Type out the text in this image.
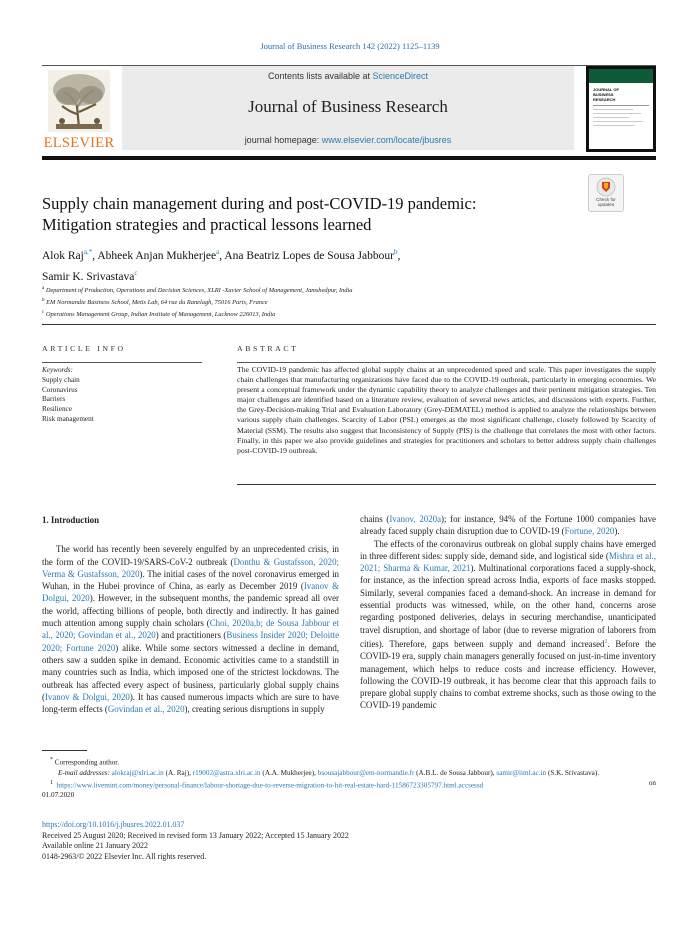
Journal of Business Research 142 (2022) 1125–1139
ELSEVIER
Contents lists available at ScienceDirect
Journal of Business Research
journal homepage: www.elsevier.com/locate/jbusres
JOURNAL OF BUSINESS RESEARCH
Check for updates
Supply chain management during and post-COVID-19 pandemic:
Mitigation strategies and practical lessons learned
Alok Raj$^{a,*}$, Abheek Anjan Mukherjee$^a$, Ana Beatriz Lopes de Sousa Jabbour$^b$,
Samir K. Srivastava$^c$
$^a$ Department of Production, Operations and Decision Sciences, XLRI -Xavier School of Management, Jamshedpur, India
$^b$ EM Normandie Business School, Metis Lab, 64 rue du Ranelagh, 75016 Paris, France
$^c$ Operations Management Group, Indian Institute of Management, Lucknow 226013, India
ARTICLE INFO
Keywords:
Supply chain
Coronavirus
Barriers
Resilience
Risk management
ABSTRACT
The COVID-19 pandemic has affected global supply chains at an unprecedented speed and scale. This paper investigates the supply chain challenges that manufacturing organizations have faced due to the COVID-19 outbreak, particularly in emerging economies. We present a conceptual framework under the dynamic capability theory to analyze challenges and their pertinent mitigation strategies. Ten major challenges are identified based on a literature review, evaluation of several news articles, and discussions with experts. Further, the Grey-Decision-making Trial and Evaluation Laboratory (Grey-DEMATEL) method is applied to analyze the relationships between various supply chain challenges. Scarcity of Labor (PSL) emerges as the most significant challenge, closely followed by Scarcity of Material (SSM). The results also suggest that Inconsistency of Supply (PIS) is the challenge that correlates the most with other factors. Finally, in this paper we also provide guidelines and strategies for practitioners and scholars to better address supply chain challenges post-COVID-19 outbreak.
1. Introduction

The world has recently been severely engulfed by an unprecedented crisis, in the form of the COVID-19/SARS-CoV-2 outbreak (Donthu & Gustafsson, 2020; Verma & Gustafsson, 2020). The initial cases of the novel coronavirus emerged in Wuhan, in the Hubei province of China, as early as December 2019 (Ivanov & Dolgui, 2020). However, in the subsequent months, the pandemic spread all over the world, affecting billions of people, both directly and indirectly. It has gained much attention among supply chain scholars (Choi, 2020a,b; de Sousa Jabbour et al., 2020; Govindan et al., 2020) and practitioners (Business Insider 2020; Deloitte 2020; Fortune 2020) alike. While some sectors witnessed a decline in demand, others saw a sudden spike in demand. Economic activities came to a standstill in many countries such as India, which imposed one of the strictest lockdowns. The outbreak has affected every aspect of business, particularly global supply chains (Ivanov & Dolgui, 2020). It has caused numerous impacts which are sure to have long-term effects (Govindan et al., 2020), creating serious disruptions in supply

chains (Ivanov, 2020a); for instance, 94% of the Fortune 1000 companies have already faced supply chain disruption due to COVID-19 (Fortune, 2020).

The effects of the coronavirus outbreak on global supply chains have emerged in three different sides: supply side, demand side, and logistical side (Mishra et al., 2021; Sharma & Kumar, 2021). Multinational corporations faced a supply-shock, for instance, as the infection spread across India, exports of face masks stopped. Similarly, several companies faced a demand-shock. An increase in demand for essential products was witnessed, while, on the other hand, concerns arose regarding postponed deliveries, delays in securing merchandise, unanticipated travel disruption, and shortage of labor (due to reverse migration of laborers from cities). Therefore, gaps between supply and demand increased$^1$. Before the COVID-19 era, supply chain managers generally focused on just-in-time inventory management, which helps to reduce costs and increase efficiency. However, following the COVID-19 outbreak, it has become clear that this approach fails to prepare global supply chains to combat extreme shocks, such as those owing to the COVID-19 pandemic

* Corresponding author.
E-mail addresses: alokraj@xlri.ac.in (A. Raj), r19002@astra.xlri.ac.in (A.A. Mukherjee), bsousajabbour@em-normandie.fr (A.B.L. de Sousa Jabbour), samir@iiml.ac.in (S.K. Srivastava).
$^1$ https://www.livemint.com/money/personal-finance/labour-shortage-due-to-reverse-migration-to-hit-real-estate-hard-11586723305797.html.accsessd	on
01.07.2020
https://doi.org/10.1016/j.jbusres.2022.01.037
Received 25 August 2020; Received in revised form 13 January 2022; Accepted 15 January 2022
Available online 21 January 2022
0148-2963/© 2022 Elsevier Inc. All rights reserved.
